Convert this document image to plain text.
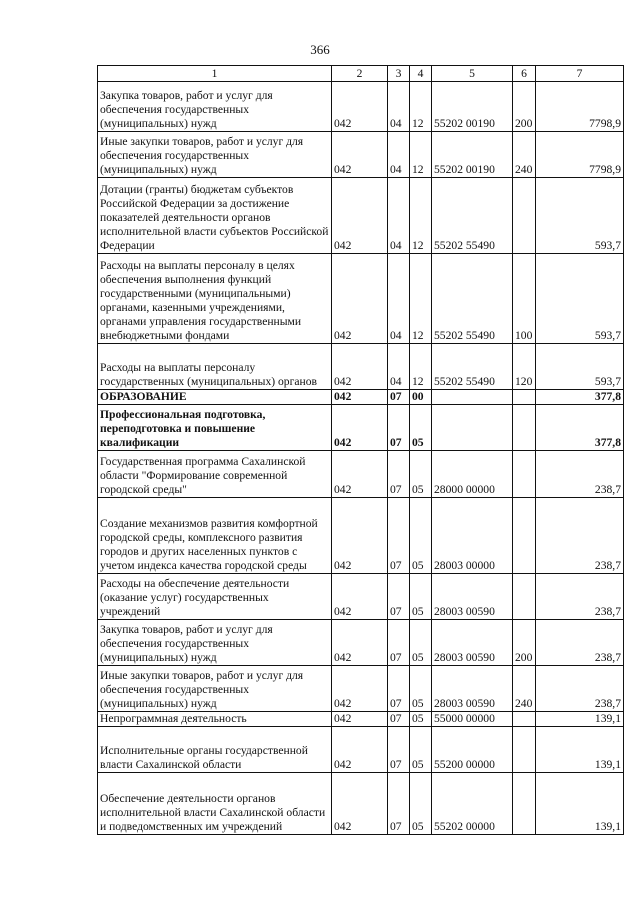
366
1	2	3	4	5	6	7
Закупка товаров, работ и услуг для обеспечения государственных (муниципальных) нужд	042	04	12	55202 00190	200	7798,9
Иные закупки товаров, работ и услуг для обеспечения государственных (муниципальных) нужд	042	04	12	55202 00190	240	7798,9
Дотации (гранты) бюджетам субъектов Российской Федерации за достижение показателей деятельности органов исполнительной власти субъектов Российской Федерации	042	04	12	55202 55490		593,7
Расходы на выплаты персоналу в целях обеспечения выполнения функций государственными (муниципальными) органами, казенными учреждениями, органами управления государственными внебюджетными фондами	042	04	12	55202 55490	100	593,7
Расходы на выплаты персоналу государственных (муниципальных) органов	042	04	12	55202 55490	120	593,7
ОБРАЗОВАНИЕ	042	07	00			377,8
Профессиональная подготовка, переподготовка и повышение квалификации	042	07	05			377,8
Государственная программа Сахалинской области "Формирование современной городской среды"	042	07	05	28000 00000		238,7
Создание механизмов развития комфортной городской среды, комплексного развития городов и других населенных пунктов с учетом индекса качества городской среды	042	07	05	28003 00000		238,7
Расходы на обеспечение деятельности (оказание услуг) государственных учреждений	042	07	05	28003 00590		238,7
Закупка товаров, работ и услуг для обеспечения государственных (муниципальных) нужд	042	07	05	28003 00590	200	238,7
Иные закупки товаров, работ и услуг для обеспечения государственных (муниципальных) нужд	042	07	05	28003 00590	240	238,7
Непрограммная деятельность	042	07	05	55000 00000		139,1
Исполнительные органы государственной власти Сахалинской области	042	07	05	55200 00000		139,1
Обеспечение деятельности органов исполнительной власти Сахалинской области и подведомственных им учреждений	042	07	05	55202 00000		139,1
